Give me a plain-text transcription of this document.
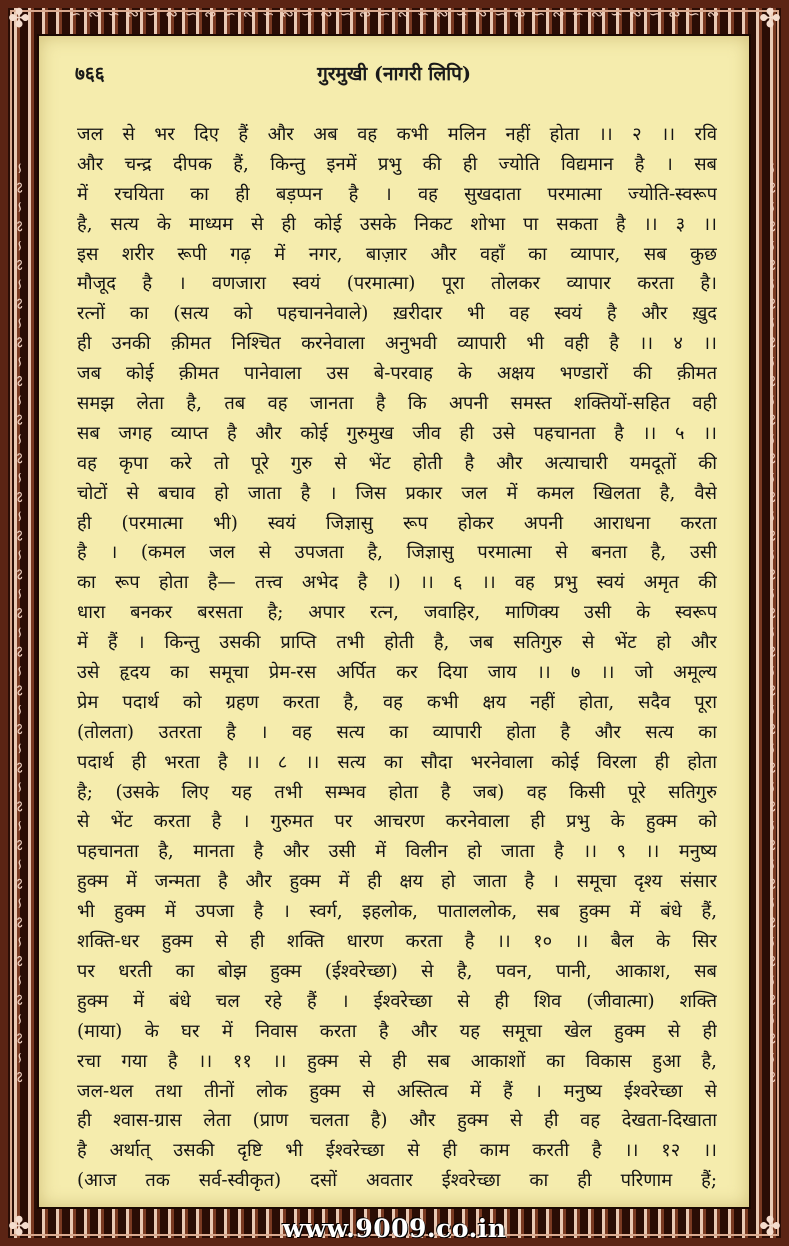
∽ ∾ ∽ ∾ ∽ ∾ ∽ ∾ ∽ ∾ ∽ ∾ ∽ ∾ ∽ ∾ ∽ ∾ ∽ ∾ ∽ ∾ ∽ ∾ ∽ ∾ ∽ ∾ ∽ ∾ ∽ ∾ ∽ ∾
∽ ∾ ∽ ∾ ∽ ∾ ∽ ∾ ∽ ∾ ∽ ∾ ∽ ∾ ∽ ∾ ∽ ∾ ∽ ∾ ∽ ∾ ∽ ∾ ∽ ∾ ∽ ∾ ∽ ∾ ∽ ∾ ∽ ∾ ∽ ∾ ∽ ∾ ∽ ∾ ∽ ∾ ∽ ∾ ∽ ∾ ∽ ∾	∽ ∾ ∽ ∾ ∽ ∾ ∽ ∾ ∽ ∾ ∽ ∾ ∽ ∾ ∽ ∾ ∽ ∾ ∽ ∾ ∽ ∾ ∽ ∾ ∽ ∾ ∽ ∾ ∽ ∾ ∽ ∾ ∽ ∾ ∽ ∾ ∽ ∾ ∽ ∾ ∽ ∾ ∽ ∾ ∽ ∾ ∽ ∾
✤	✤
✤	✤
७६६	गुरमुखी (नागरी लिपि)
जल से भर दिए हैं और अब वह कभी मलिन नहीं होता ।। २ ।। रवि
और चन्द्र दीपक हैं, किन्तु इनमें प्रभु की ही ज्योति विद्यमान है । सब
में रचयिता का ही बड़प्पन है । वह सुखदाता परमात्मा ज्योति-स्वरूप
है, सत्य के माध्यम से ही कोई उसके निकट शोभा पा सकता है ।। ३ ।।
इस शरीर रूपी गढ़ में नगर, बाज़ार और वहाँ का व्यापार, सब कुछ
मौजूद है । वणजारा स्वयं (परमात्मा) पूरा तोलकर व्यापार करता है।
रत्नों का (सत्य को पहचाननेवाले) ख़रीदार भी वह स्वयं है और ख़ुद
ही उनकी क़ीमत निश्चित करनेवाला अनुभवी व्यापारी भी वही है ।। ४ ।।
जब कोई क़ीमत पानेवाला उस बे-परवाह के अक्षय भण्डारों की क़ीमत
समझ लेता है, तब वह जानता है कि अपनी समस्त शक्तियों-सहित वही
सब जगह व्याप्त है और कोई गुरुमुख जीव ही उसे पहचानता है ।। ५ ।।
वह कृपा करे तो पूरे गुरु से भेंट होती है और अत्याचारी यमदूतों की
चोटों से बचाव हो जाता है । जिस प्रकार जल में कमल खिलता है, वैसे
ही (परमात्मा भी) स्वयं जिज्ञासु रूप होकर अपनी आराधना करता
है । (कमल जल से उपजता है, जिज्ञासु परमात्मा से बनता है, उसी
का रूप होता है— तत्त्व अभेद है ।) ।। ६ ।। वह प्रभु स्वयं अमृत की
धारा बनकर बरसता है; अपार रत्न, जवाहिर, माणिक्य उसी के स्वरूप
में हैं । किन्तु उसकी प्राप्ति तभी होती है, जब सतिगुरु से भेंट हो और
उसे हृदय का समूचा प्रेम-रस अर्पित कर दिया जाय ।। ७ ।। जो अमूल्य
प्रेम पदार्थ को ग्रहण करता है, वह कभी क्षय नहीं होता, सदैव पूरा
(तोलता) उतरता है । वह सत्य का व्यापारी होता है और सत्य का
पदार्थ ही भरता है ।। ८ ।। सत्य का सौदा भरनेवाला कोई विरला ही होता
है; (उसके लिए यह तभी सम्भव होता है जब) वह किसी पूरे सतिगुरु
से भेंट करता है । गुरुमत पर आचरण करनेवाला ही प्रभु के हुक्म को
पहचानता है, मानता है और उसी में विलीन हो जाता है ।। ९ ।। मनुष्य
हुक्म में जन्मता है और हुक्म में ही क्षय हो जाता है । समूचा दृश्य संसार
भी हुक्म में उपजा है । स्वर्ग, इहलोक, पाताललोक, सब हुक्म में बंधे हैं,
शक्ति-धर हुक्म से ही शक्ति धारण करता है ।। १० ।। बैल के सिर
पर धरती का बोझ हुक्म (ईश्वरेच्छा) से है, पवन, पानी, आकाश, सब
हुक्म में बंधे चल रहे हैं । ईश्वरेच्छा से ही शिव (जीवात्मा) शक्ति
(माया) के घर में निवास करता है और यह समूचा खेल हुक्म से ही
रचा गया है ।। ११ ।। हुक्म से ही सब आकाशों का विकास हुआ है,
जल-थल तथा तीनों लोक हुक्म से अस्तित्व में हैं । मनुष्य ईश्वरेच्छा से
ही श्वास-ग्रास लेता (प्राण चलता है) और हुक्म से ही वह देखता-दिखाता
है अर्थात् उसकी दृष्टि भी ईश्वरेच्छा से ही काम करती है ।। १२ ।।
(आज तक सर्व-स्वीकृत) दसों अवतार ईश्वरेच्छा का ही परिणाम हैं;
www.9009.co.in
